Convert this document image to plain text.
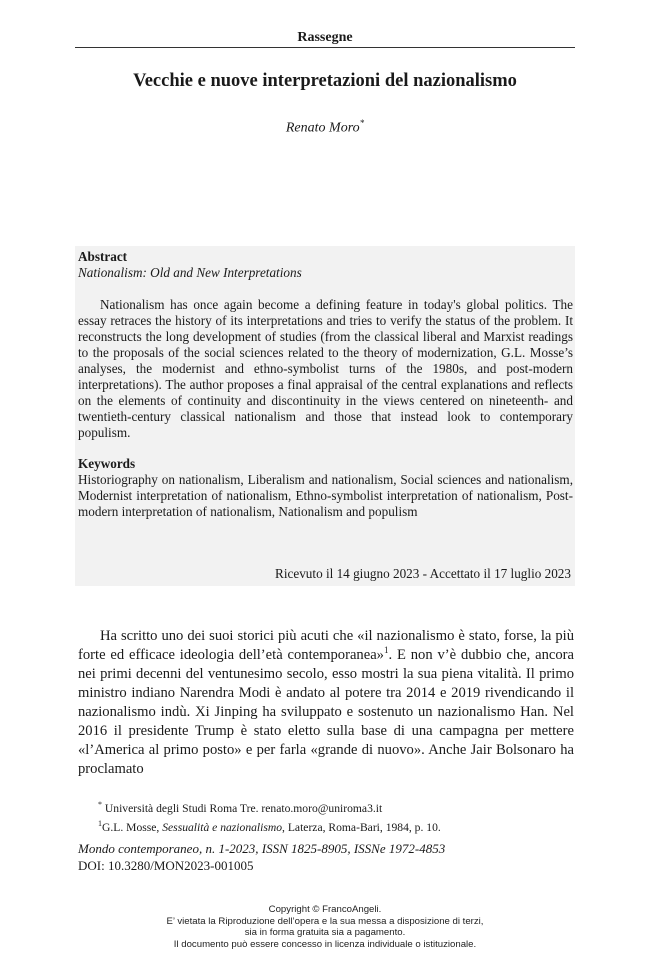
Rassegne
Vecchie e nuove interpretazioni del nazionalismo
Renato Moro*
Abstract
Nationalism: Old and New Interpretations
Nationalism has once again become a defining feature in today's global politics. The essay retraces the history of its interpretations and tries to verify the status of the problem. It reconstructs the long development of studies (from the classical liberal and Marxist readings to the proposals of the social sciences related to the theory of modernization, G.L. Mosse’s analyses, the modernist and ethno-symbolist turns of the 1980s, and post-modern interpretations). The author proposes a final appraisal of the central explanations and reflects on the elements of continuity and discontinuity in the views centered on nineteenth- and twentieth-century classical nationalism and those that instead look to contemporary populism.
Keywords
Historiography on nationalism, Liberalism and nationalism, Social sciences and nationalism, Modernist interpretation of nationalism, Ethno-symbolist interpretation of nationalism, Post-modern interpretation of nationalism, Nationalism and populism
Ricevuto il 14 giugno 2023 - Accettato il 17 luglio 2023
Ha scritto uno dei suoi storici più acuti che «il nazionalismo è stato, forse, la più forte ed efficace ideologia dell’età contemporanea»$^1$. E non v’è dubbio che, ancora nei primi decenni del ventunesimo secolo, esso mostri la sua piena vitalità. Il primo ministro indiano Narendra Modi è andato al potere tra 2014 e 2019 rivendicando il nazionalismo indù. Xi Jinping ha sviluppato e sostenuto un nazionalismo Han. Nel 2016 il presidente Trump è stato eletto sulla base di una campagna per mettere «l’America al primo posto» e per farla «grande di nuovo». Anche Jair Bolsonaro ha proclamato
* Università degli Studi Roma Tre. renato.moro@uniroma3.it
$^1$G.L. Mosse, Sessualità e nazionalismo, Laterza, Roma-Bari, 1984, p. 10.
Mondo contemporaneo, n. 1-2023, ISSN 1825-8905, ISSNe 1972-4853
DOI: 10.3280/MON2023-001005
Copyright © FrancoAngeli.
E’ vietata la Riproduzione dell’opera e la sua messa a disposizione di terzi,
sia in forma gratuita sia a pagamento.
Il documento può essere concesso in licenza individuale o istituzionale.
